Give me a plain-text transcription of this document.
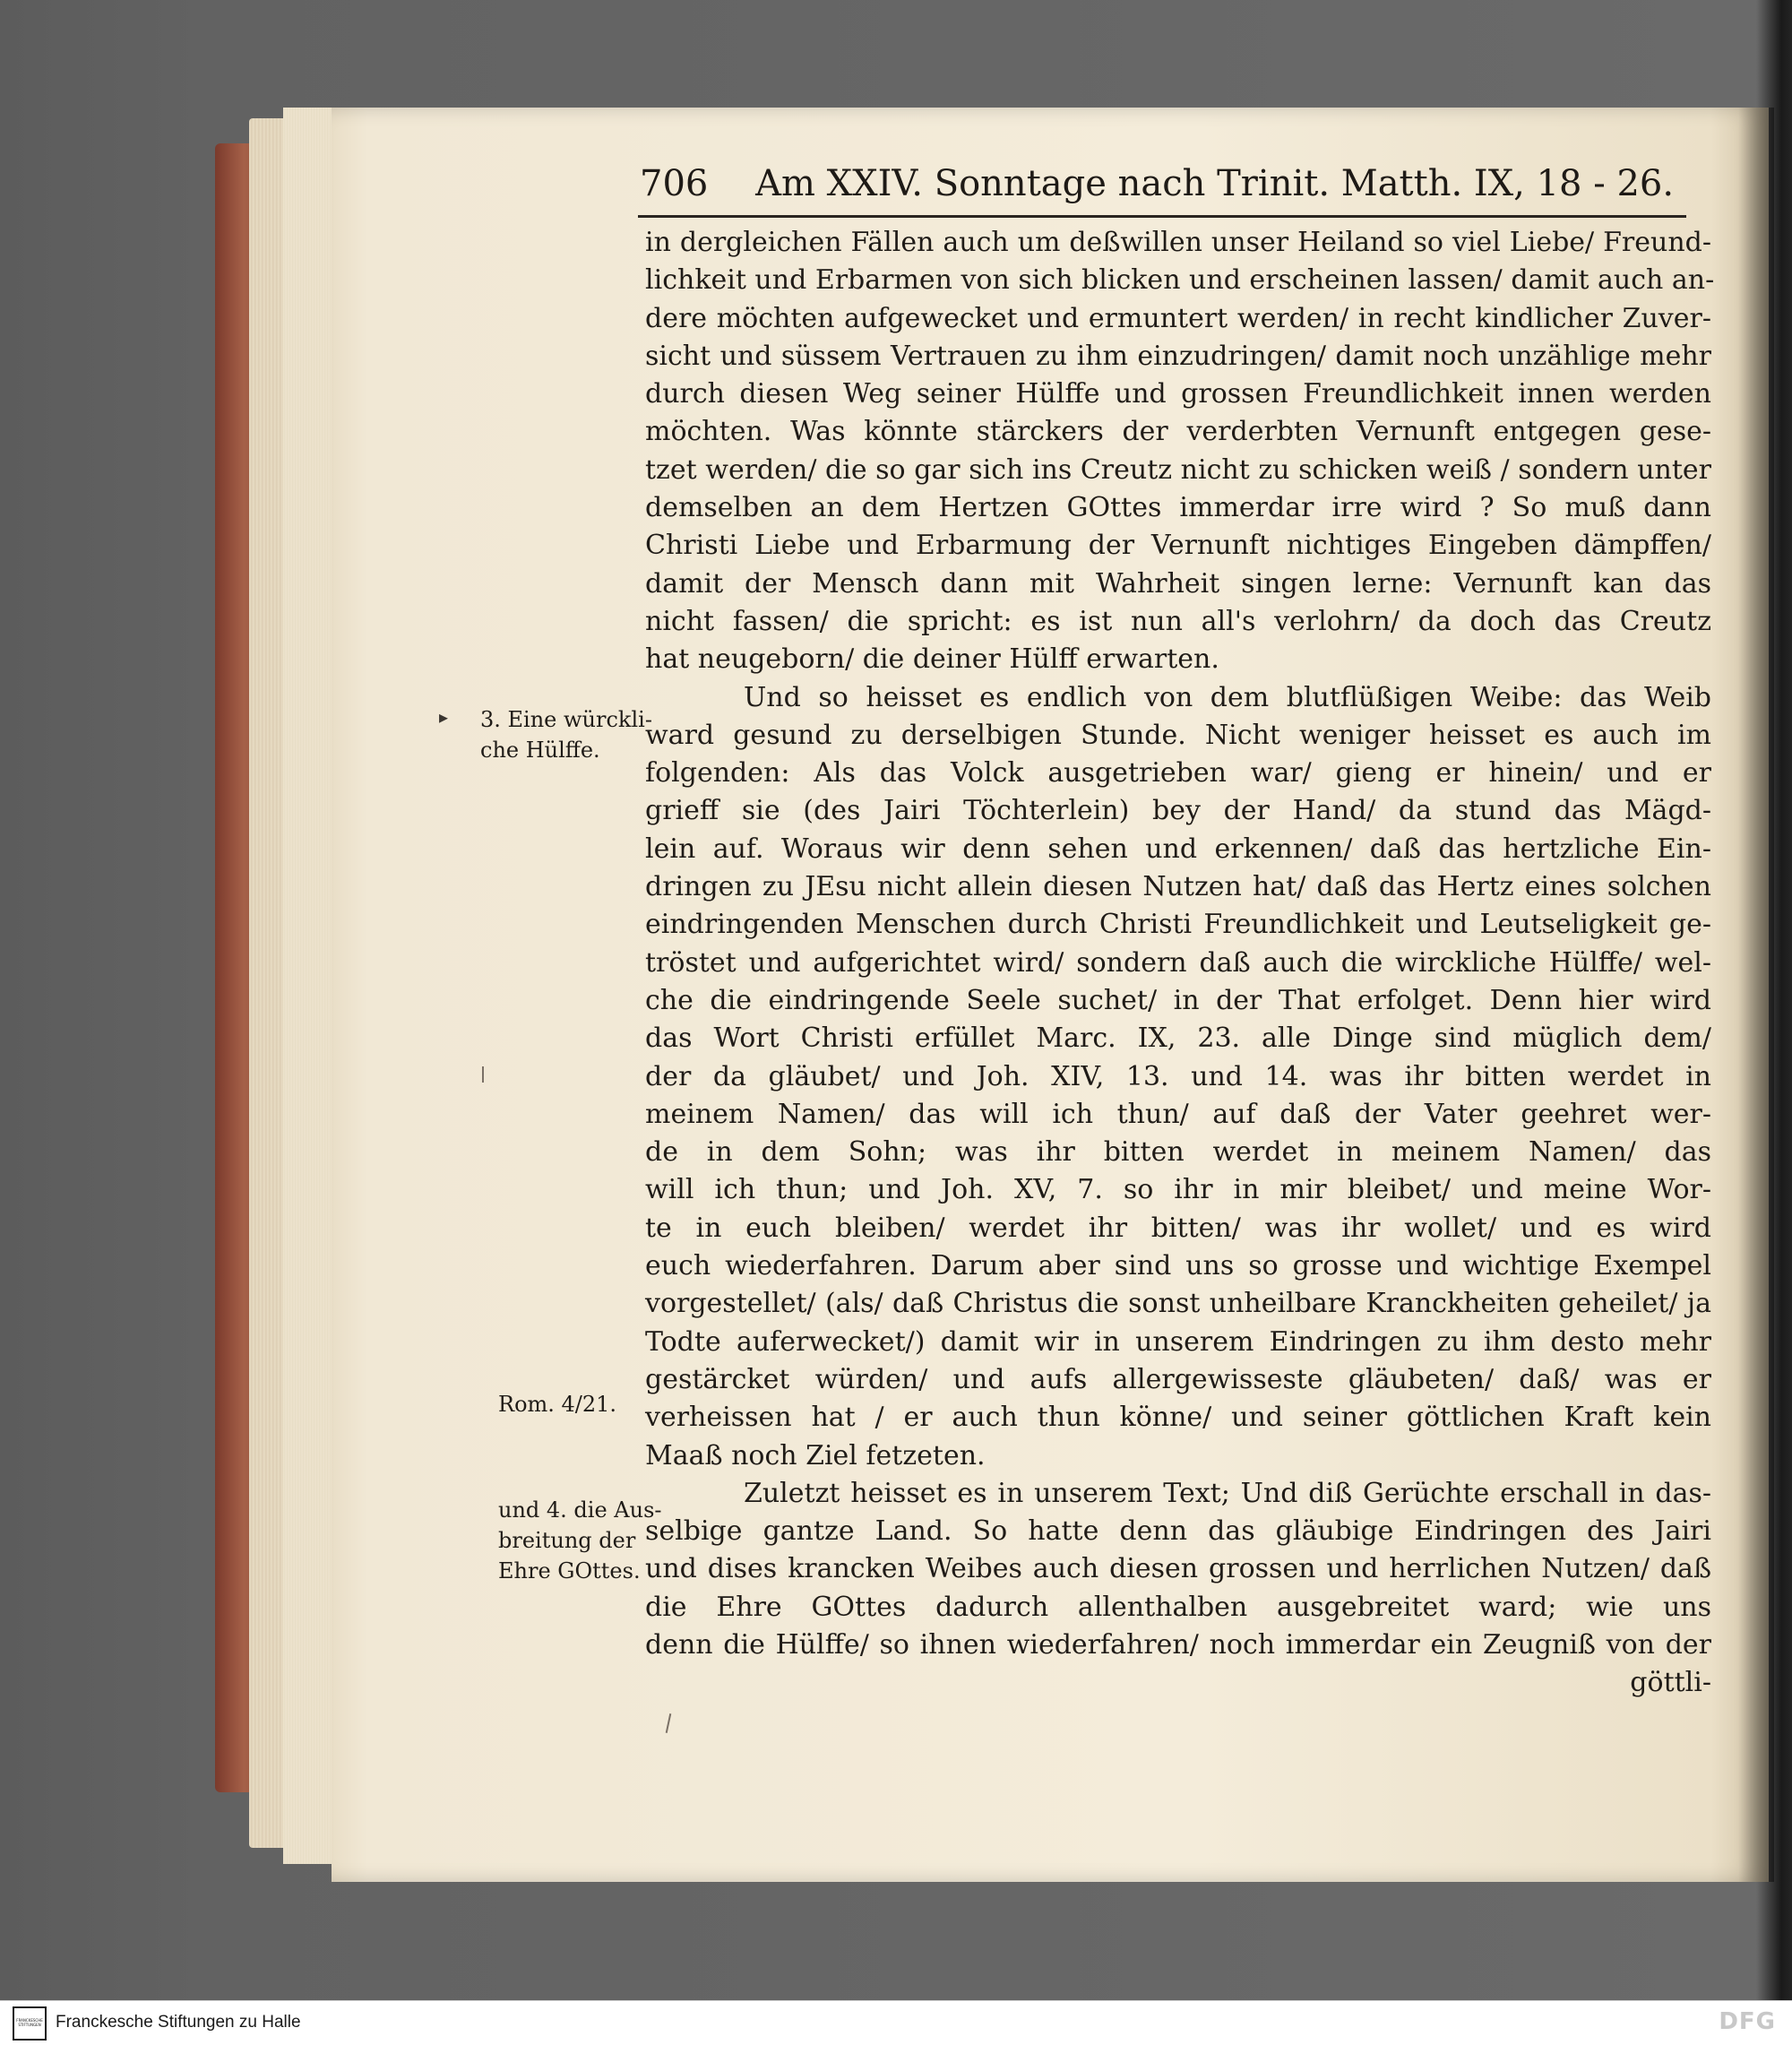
706 Am XXIV. Sonntage nach Trinit. Matth. IX, 18 - 26.
in dergleichen Fällen auch um deßwillen unser Heiland so viel Liebe/ Freund-
lichkeit und Erbarmen von sich blicken und erscheinen lassen/ damit auch an-
dere möchten aufgewecket und ermuntert werden/ in recht kindlicher Zuver-
sicht und süssem Vertrauen zu ihm einzudringen/ damit noch unzählige mehr
durch diesen Weg seiner Hülffe und grossen Freundlichkeit innen werden
möchten. Was könnte stärckers der verderbten Vernunft entgegen gese-
tzet werden/ die so gar sich ins Creutz nicht zu schicken weiß / sondern unter
demselben an dem Hertzen GOttes immerdar irre wird ? So muß dann
Christi Liebe und Erbarmung der Vernunft nichtiges Eingeben dämpffen/
damit der Mensch dann mit Wahrheit singen lerne: Vernunft kan das
nicht fassen/ die spricht: es ist nun all's verlohrn/ da doch das Creutz
hat neugeborn/ die deiner Hülff erwarten.
Und so heisset es endlich von dem blutflüßigen Weibe: das Weib
ward gesund zu derselbigen Stunde. Nicht weniger heisset es auch im
folgenden: Als das Volck ausgetrieben war/ gieng er hinein/ und er
grieff sie (des Jairi Töchterlein) bey der Hand/ da stund das Mägd-
lein auf. Woraus wir denn sehen und erkennen/ daß das hertzliche Ein-
dringen zu JEsu nicht allein diesen Nutzen hat/ daß das Hertz eines solchen
eindringenden Menschen durch Christi Freundlichkeit und Leutseligkeit ge-
tröstet und aufgerichtet wird/ sondern daß auch die wirckliche Hülffe/ wel-
che die eindringende Seele suchet/ in der That erfolget. Denn hier wird
das Wort Christi erfüllet Marc. IX, 23. alle Dinge sind müglich dem/
der da gläubet/ und Joh. XIV, 13. und 14. was ihr bitten werdet in
meinem Namen/ das will ich thun/ auf daß der Vater geehret wer-
de in dem Sohn; was ihr bitten werdet in meinem Namen/ das
will ich thun; und Joh. XV, 7. so ihr in mir bleibet/ und meine Wor-
te in euch bleiben/ werdet ihr bitten/ was ihr wollet/ und es wird
euch wiederfahren. Darum aber sind uns so grosse und wichtige Exempel
vorgestellet/ (als/ daß Christus die sonst unheilbare Kranckheiten geheilet/ ja
Todte auferwecket/) damit wir in unserem Eindringen zu ihm desto mehr
gestärcket würden/ und aufs allergewisseste gläubeten/ daß/ was er
verheissen hat / er auch thun könne/ und seiner göttlichen Kraft kein
Maaß noch Ziel fetzeten.
Zuletzt heisset es in unserem Text; Und diß Gerüchte erschall in das-
selbige gantze Land. So hatte denn das gläubige Eindringen des Jairi
und dises krancken Weibes auch diesen grossen und herrlichen Nutzen/ daß
die Ehre GOttes dadurch allenthalben ausgebreitet ward; wie uns
denn die Hülffe/ so ihnen wiederfahren/ noch immerdar ein Zeugniß von der
göttli-
▸ 3. Eine würckli-
che Hülffe.
Rom. 4/21.
und 4. die Aus-
breitung der
Ehre GOttes.
FRANCKESCHE STIFTUNGEN Franckesche Stiftungen zu Halle	DFG
